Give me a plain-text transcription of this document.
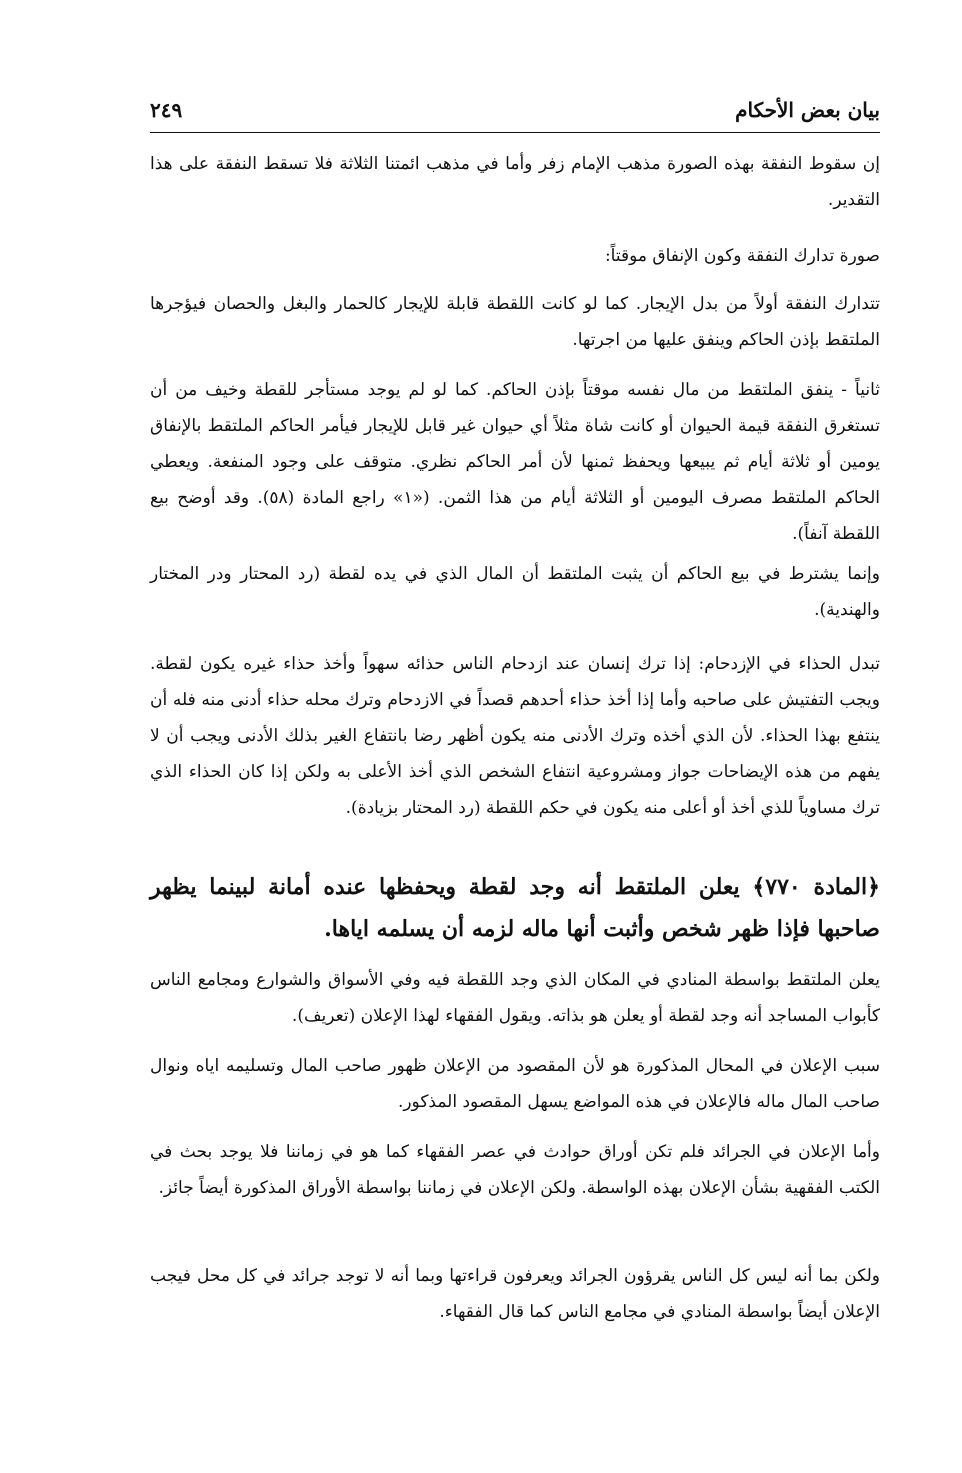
بيان بعض الأحكام
٢٤٩

إن سقوط النفقة بهذه الصورة مذهب الإمام زفر وأما في مذهب ائمتنا الثلاثة فلا تسقط النفقة على هذا التقدير.

صورة تدارك النفقة وكون الإنفاق موقتاً:

تتدارك النفقة أولاً من بدل الإيجار. كما لو كانت اللقطة قابلة للإيجار كالحمار والبغل والحصان فيؤجرها الملتقط بإذن الحاكم وينفق عليها من اجرتها.

ثانياً - ينفق الملتقط من مال نفسه موقتاً بإذن الحاكم. كما لو لم يوجد مستأجر للقطة وخيف من أن تستغرق النفقة قيمة الحيوان أو كانت شاة مثلاً أي حيوان غير قابل للإيجار فيأمر الحاكم الملتقط بالإنفاق يومين أو ثلاثة أيام ثم يبيعها ويحفظ ثمنها لأن أمر الحاكم نظري. متوقف على وجود المنفعة. ويعطي الحاكم الملتقط مصرف اليومين أو الثلاثة أيام من هذا الثمن. («١» راجع المادة (٥٨). وقد أوضح بيع اللقطة آنفاً).

وإنما يشترط في بيع الحاكم أن يثبت الملتقط أن المال الذي في يده لقطة (رد المحتار ودر المختار والهندية).

تبدل الحذاء في الإزدحام: إذا ترك إنسان عند ازدحام الناس حذائه سهواً وأخذ حذاء غيره يكون لقطة. ويجب التفتيش على صاحبه وأما إذا أخذ حذاء أحدهم قصداً في الازدحام وترك محله حذاء أدنى منه فله أن ينتفع بهذا الحذاء. لأن الذي أخذه وترك الأدنى منه يكون أظهر رضا بانتفاع الغير بذلك الأدنى ويجب أن لا يفهم من هذه الإيضاحات جواز ومشروعية انتفاع الشخص الذي أخذ الأعلى به ولكن إذا كان الحذاء الذي ترك مساوياً للذي أخذ أو أعلى منه يكون في حكم اللقطة (رد المحتار بزيادة).

﴿المادة ٧٧٠﴾ يعلن الملتقط أنه وجد لقطة ويحفظها عنده أمانة لبينما يظهر صاحبها فإذا ظهر شخص وأثبت أنها ماله لزمه أن يسلمه اياها.

يعلن الملتقط بواسطة المنادي في المكان الذي وجد اللقطة فيه وفي الأسواق والشوارع ومجامع الناس كأبواب المساجد أنه وجد لقطة أو يعلن هو بذاته. ويقول الفقهاء لهذا الإعلان (تعريف).

سبب الإعلان في المحال المذكورة هو لأن المقصود من الإعلان ظهور صاحب المال وتسليمه اياه ونوال صاحب المال ماله فالإعلان في هذه المواضع يسهل المقصود المذكور.

وأما الإعلان في الجرائد فلم تكن أوراق حوادث في عصر الفقهاء كما هو في زماننا فلا يوجد بحث في الكتب الفقهية بشأن الإعلان بهذه الواسطة. ولكن الإعلان في زماننا بواسطة الأوراق المذكورة أيضاً جائز.

ولكن بما أنه ليس كل الناس يقرؤون الجرائد ويعرفون قراءتها وبما أنه لا توجد جرائد في كل محل فيجب الإعلان أيضاً بواسطة المنادي في مجامع الناس كما قال الفقهاء.
